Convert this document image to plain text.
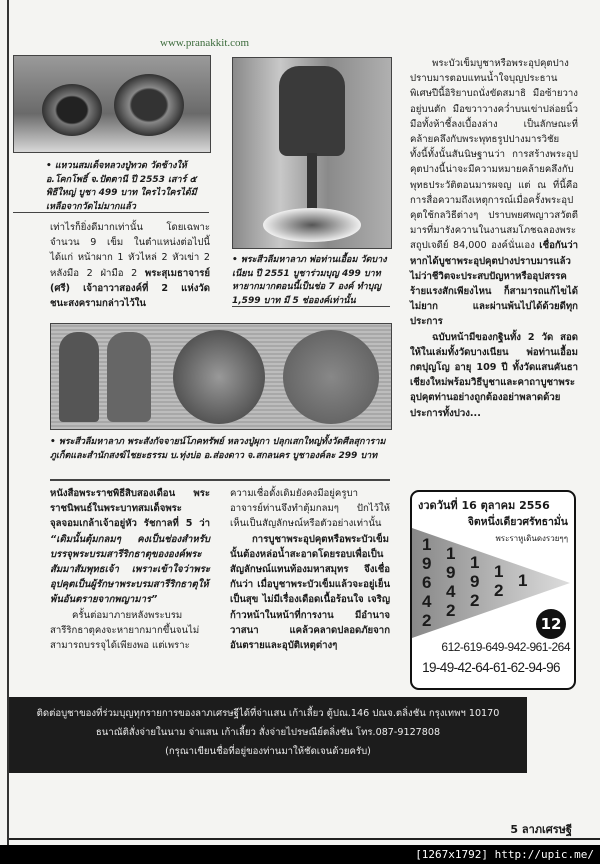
www.pranakkit.com
• แหวนสมเด็จหลวงปู่ทวด วัดช้างให้ อ.โคกโพธิ์ จ.ปัตตานี ปี 2553 เสาร์ ๕ พิธีใหญ่ บูชา 499 บาท ใครไวใครได้มีเหลือจากวัดไม่มากแล้ว
• พระสีวลีมหาลาภ พ่อท่านเอื้อม วัดบางเนียน ปี 2551 บูชาร่วมบุญ 499 บาท หายากมากตอนนี้เป็นช่อ 7 องค์ ทำบุญ 1,599 บาท มี 5 ช่อองค์เท่านั้น
เท่าไรก็ยิ่งดีมากเท่านั้น โดยเฉพาะจำนวน 9 เข็ม ในตำแหน่งต่อไปนี้ได้แก่ หน้าผาก 1 หัวไหล่ 2 หัวเข่า 2 หลังมือ 2 ฝ่ามือ 2 พระสุเมธาจารย์ (ศรี) เจ้าอาวาสองค์ที่ 2 แห่งวัดชนะสงครามกล่าวไว้ใน
• พระสีวลีมหาลาภ พระสังกัจจายน์โภคทรัพย์ หลวงปู่ผุกา ปลุกเสกใหญ่ทั้งวัดศีลสุการาม ภูเก็ตและสำนักสงฆ์ไชยะธรรม บ.ทุ่งบ่อ อ.ส่องดาว จ.สกลนคร บูชาองค์ละ 299 บาท
พระบัวเข็มบูชาหรือพระอุปคุตปางปราบมารตอบแทนน้ำใจบุญประธานพิเศษปีนี้อิริยาบถนั่งขัดสมาธิ มือซ้ายวางอยู่บนตัก มือขวาวางคว่ำบนเข่าปล่อยนิ้วมือทั้งห้าชี้ลงเบื้องล่าง เป็นลักษณะที่คล้ายคลึงกับพระพุทธรูปปางมารวิชัย ทั้งนี้ทั้งนั้นสันนิษฐานว่า การสร้างพระอุปคุตปางนี้น่าจะมีความหมายคล้ายคลึงกับพุทธประวัติตอนมารผจญ แต่ ณ ที่นี้คือการสื่อความถึงเหตุการณ์เมื่อครั้งพระอุปคุตใช้กลวิธีต่างๆ ปราบพยศพญาวสวัตตีมารที่มารังควานในงานสมโภชฉลองพระสถูปเจดีย์ 84,000 องค์นั่นเอง เชื่อกันว่า หากได้บูชาพระอุปคุตปางปราบมารแล้ว ไม่ว่าชีวิตจะประสบปัญหาหรืออุปสรรคร้ายแรงสักเพียงไหน ก็สามารถแก้ไขได้ไม่ยาก และผ่านพ้นไปได้ด้วยดีทุกประการ
ฉบับหน้ามีของกฐินทั้ง 2 วัด สอดให้ในเล่มทั้งวัดบางเนียน พ่อท่านเอื้อม กตปุญโญ อายุ 109 ปี ทั้งวัดแสนคันธา เชียงใหม่พร้อมวิธีบูชาและคาถาบูชาพระอุปคุตท่านอย่างถูกต้องอย่าพลาดด้วยประการทั้งปวง...
หนังสือพระราชพิธีสิบสองเดือน พระราชนิพนธ์ในพระบาทสมเด็จพระจุลจอมเกล้าเจ้าอยู่หัว รัชกาลที่ 5 ว่า “เดิมนั้นตุ้มกลมๆ คงเป็นช่องสำหรับบรรจุพระบรมสารีริกธาตุขององค์พระสัมมาสัมพุทธเจ้า เพราะเข้าใจว่าพระอุปคุตเป็นผู้รักษาพระบรมสารีริกธาตุให้พ้นอันตรายจากพญามาร”
ครั้นต่อมาภายหลังพระบรมสารีริกธาตุคงจะหายากมากขึ้นจนไม่สามารถบรรจุได้เพียงพอ แต่เพราะ
ความเชื่อดั้งเดิมยังคงมีอยู่ครูบาอาจารย์ท่านจึงทำตุ้มกลมๆ ปักไว้ให้เห็นเป็นสัญลักษณ์หรือตัวอย่างเท่านั้น
การบูชาพระอุปคุตหรือพระบัวเข็มนั้นต้องหล่อน้ำสะอาดโดยรอบเพื่อเป็นสัญลักษณ์แทนท้องมหาสมุทร จึงเชื่อกันว่า เมื่อบูชาพระบัวเข็มแล้วจะอยู่เย็นเป็นสุข ไม่มีเรื่องเดือดเนื้อร้อนใจ เจริญก้าวหน้าในหน้าที่การงาน มีอำนาจวาสนา แคล้วคลาดปลอดภัยจากอันตรายและอุบัติเหตุต่างๆ
งวดวันที่ 16 ตุลาคม 2556
จิตหนึ่งเดียวศรัทธามั่น
พระราหูเดินดงรวยๆๆ
1
9
6
4
2
1
9
4
2
1
9
2
1
2
1
12
612-619-649-942-961-264
19-49-42-64-61-62-94-96
ติดต่อบูชาของที่ร่วมบุญทุกรายการของลาภเศรษฐีได้ที่จ่าแสน เก้าเลี้ยว ตู้ปณ.146 ปณจ.ตลิ่งชัน กรุงเทพฯ 10170
ธนาณัติสั่งจ่ายในนาม จ่าแสน เก้าเลี้ยว สั่งจ่ายไปรษณีย์ตลิ่งชัน โทร.087-9127808
(กรุณาเขียนชื่อที่อยู่ของท่านมาให้ชัดเจนด้วยครับ)
5 ลาภเศรษฐี
[1267x1792] http://upic.me/
